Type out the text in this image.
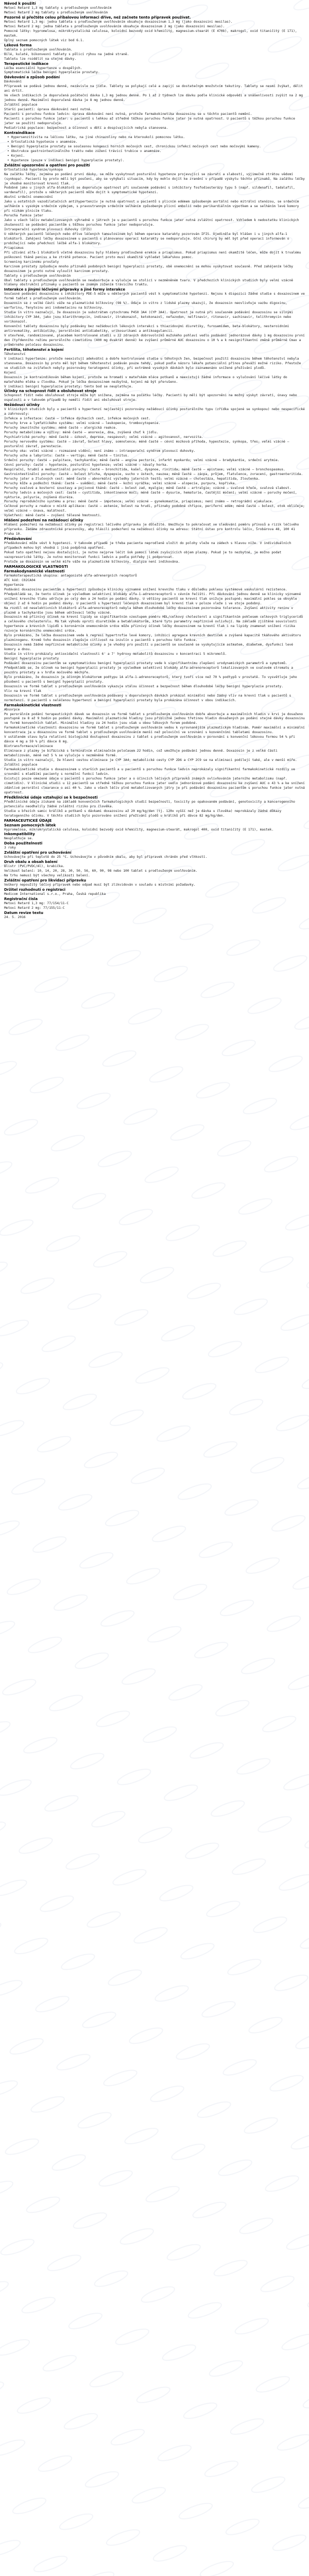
Návod k použití
Metoxi Retard 1,3 mg tablety s prodlouženým uvolňováním
Metoxi Retard 2 mg tablety s prodlouženým uvolňováním
Pozorně si přečtěte celou příbalovou informaci dříve, než začnete tento přípravek používat.
Metoxi Retard 1,3 mg: jedna tableta s prodlouženým uvolňováním obsahuje doxazosinum 1,3 mg (jako doxazosini mesilas).
Metoxi Retard 2 mg: jedna tableta s prodlouženým uvolňováním obsahuje doxazosinum 2 mg (jako doxazosini mesilas).
Pomocné látky: hypromelosa, mikrokrystalická celulosa, koloidní bezvodý oxid křemičitý, magnesium-stearát (E 470b), makrogol, oxid titaničitý (E 171), mastek.
Úplný seznam pomocných látek viz bod 6.1.
Léková forma
Tableta s prodlouženým uvolňováním.
Bílé, kulaté, bikonvexní tablety s půlicí rýhou na jedné straně.
Tabletu lze rozdělit na stejné dávky.
Terapeutické indikace
Léčba esenciální hypertenze u dospělých.
Symptomatická léčba benigní hyperplazie prostaty.
Dávkování a způsob podání
Dávkování
Přípravek se podává jednou denně, nezávisle na jídle. Tablety se polykají celé a zapijí se dostatečným množstvím tekutiny. Tablety se nesmí žvýkat, dělit ani drtit.
Ve všech indikacích je doporučená počáteční dávka 1,3 mg jednou denně. Po 1 až 2 týdnech lze dávku podle klinické odpovědi a snášenlivosti zvýšit na 2 mg jednou denně. Maximální doporučená dávka je 8 mg jednou denně.
Zvláštní populace
Starší pacienti: úprava dávkování není nutná.
Pacienti s poruchou funkce ledvin: úprava dávkování není nutná, protože farmakokinetika doxazosinu se u těchto pacientů nemění.
Pacienti s poruchou funkce jater: u pacientů s lehkou až středně těžkou poruchou funkce jater je nutná opatrnost. U pacientů s těžkou poruchou funkce jater se použití nedoporučuje.
Pediatrická populace: bezpečnost a účinnost u dětí a dospívajících nebyla stanovena.
Kontraindikace
• Hypersenzitivita na léčivou látku, na jiné chinazoliny nebo na kteroukoli pomocnou látku.
• Ortostatická hypotenze v anamnéze.
• Benigní hyperplazie prostaty se současnou kongescí horních močových cest, chronickou infekcí močových cest nebo močovými kameny.
• Obstrukce gastrointestinálního traktu nebo zúžení trávicí trubice v anamnéze.
• Kojení.
• Hypotenze (pouze v indikaci benigní hyperplazie prostaty).
Zvláštní upozornění a opatření pro použití
Ortostatická hypotenze/synkopa
Na začátku léčby, zejména po podání první dávky, se může vyskytnout posturální hypotenze projevující se závratí a slabostí, výjimečně ztrátou vědomí (synkopa). Pacienti by proto měli být poučeni, aby se vyhýbali situacím, kdy by mohlo dojít ke zranění v případě výskytu těchto příznaků. Na začátku léčby je vhodné monitorovat krevní tlak.
Podobně jako u jiných alfa-blokátorů se doporučuje opatrnost při současném podávání s inhibitory fosfodiesterázy typu 5 (např. sildenafil, tadalafil, vardenafil), protože u některých pacientů může dojít k symptomatické hypotenzi.
Akutní srdeční onemocnění
Jako u ostatních vazodilatačních antihypertenziv je nutná opatrnost u pacientů s plicním edémem způsobeným aortální nebo mitrální stenózou, se srdečním selháním s vysokým srdečním výdejem, s pravostranným srdečním selháním způsobeným plicní embolií nebo perikardiálním výpotkem a se selháním levé komory při nízkém plnicím tlaku.
Porucha funkce jater
Jako u všech léčiv metabolizovaných výhradně v játrech je u pacientů s poruchou funkce jater nutná zvláštní opatrnost. Vzhledem k nedostatku klinických zkušeností se podávání pacientům s těžkou poruchou funkce jater nedoporučuje.
Intraoperační syndrom plovoucí duhovky (IFIS)
U některých pacientů léčených nebo dříve léčených tamsulosinem byl během operace katarakty pozorován IFIS. Ojediněle byl hlášen i u jiných alfa-1 blokátorů. Zahájení léčby doxazosinem u pacientů s plánovanou operací katarakty se nedoporučuje. Oční chirurg by měl být před operací informován o probíhající nebo předchozí léčbě alfa-1 blokátory.
Priapismus
Při užívání alfa-1 blokátorů včetně doxazosinu byly hlášeny prodloužené erekce a priapismus. Pokud priapismus není okamžitě léčen, může dojít k trvalému poškození tkáně penisu a ke ztrátě potence. Pacient proto musí okamžitě vyhledat lékařskou pomoc.
Screening karcinomu prostaty
Karcinom prostaty způsobuje mnoho příznaků podobných benigní hyperplazii prostaty, obě onemocnění se mohou vyskytovat současně. Před zahájením léčby doxazosinem je proto nutné vyloučit karcinom prostaty.
Tablety s prodlouženým uvolňováním
Obal tablety s prodlouženým uvolňováním se neabsorbuje a vylučuje se stolicí v nezměněném tvaru. V předchozích klinických studiích byly velmi vzácně hlášeny obstrukční příznaky u pacientů se známým zúžením trávicího traktu.
Interakce s jinými léčivými přípravky a jiné formy interakce
Současné podávání doxazosinu s inhibitory PDE-5 může u některých pacientů vést k symptomatické hypotenzi. Nejsou k dispozici žádné studie s doxazosinem ve formě tablet s prodlouženým uvolňováním.
Doxazosin se z velké části váže na plazmatické bílkoviny (98 %). Údaje in vitro z lidské plazmy ukazují, že doxazosin neovlivňuje vazbu digoxinu, warfarinu, fenytoinu ani indometacinu na bílkoviny.
Studie in vitro naznačují, že doxazosin je substrátem cytochromu P450 3A4 (CYP 3A4). Opatrnost je nutná při současném podávání doxazosinu se silnými inhibitory CYP 3A4, jako jsou klarithromycin, indinavir, itrakonazol, ketokonazol, nefazodon, nelfinavir, ritonavir, sachinavir, telithromycin nebo vorikonazol.
Konvenční tablety doxazosinu byly podávány bez nežádoucích lékových interakcí s thiazidovými diuretiky, furosemidem, beta-blokátory, nesteroidními antirevmatiky, antibiotiky, perorálními antidiabetiky, urikosurikami a antikoagulancii.
V otevřené, randomizované, placebem kontrolované studii u 22 zdravých dobrovolníků mužského pohlaví vedlo podávání jednorázové dávky 1 mg doxazosinu první den čtyřdenního režimu perorálního cimetidinu (400 mg dvakrát denně) ke zvýšení průměrné AUC doxazosinu o 10 % a k nesignifikantní změně průměrné Cmax a průměrného poločasu doxazosinu.
Fertilita, těhotenství a kojení
Těhotenství
V indikaci hypertenze: protože neexistují adekvátní a dobře kontrolované studie u těhotných žen, bezpečnost použití doxazosinu během těhotenství nebyla stanovena. Doxazosin by proto měl být během těhotenství podáván pouze tehdy, pokud podle názoru lékaře potenciální přínos převáží možné riziko. Přestože ve studiích na zvířatech nebyly pozorovány teratogenní účinky, při extrémně vysokých dávkách bylo zaznamenáno snížené přežívání plodů.
Kojení
Doxazosin je kontraindikován během kojení, protože se hromadí v mateřském mléce potkanů a neexistují žádné informace o vylučování léčivé látky do mateřského mléka u člověka. Pokud je léčba doxazosinem nezbytná, kojení má být přerušeno.
V indikaci benigní hyperplazie prostaty: tento bod se neuplatňuje.
Účinky na schopnost řídit a obsluhovat stroje
Schopnost řídit nebo obsluhovat stroje může být snížena, zejména na počátku léčby. Pacienti by měli být upozorněni na možný výskyt závratí, únavy nebo ospalosti a v takovém případě by neměli řídit ani obsluhovat stroje.
Nežádoucí účinky
V klinických studiích byly u pacientů s hypertenzí nejčastěji pozorovány nežádoucí účinky posturálního typu (zřídka spojené se synkopou) nebo nespecifické a zahrnovaly:
Infekce a infestace: časté – infekce dýchacích cest, infekce močových cest.
Poruchy krve a lymfatického systému: velmi vzácné – leukopenie, trombocytopenie.
Poruchy imunitního systému: méně časté – alergická reakce.
Poruchy metabolismu a výživy: méně časté – anorexie, dna, zvýšená chuť k jídlu.
Psychiatrické poruchy: méně časté – úzkost, deprese, nespavost; velmi vzácné – agitovanost, nervozita.
Poruchy nervového systému: časté – závrať, bolest hlavy, somnolence; méně časté – cévní mozková příhoda, hypestezie, synkopa, třes; velmi vzácné – posturální závrať, parestezie.
Poruchy oka: velmi vzácné – rozmazané vidění; není známo – intraoperační syndrom plovoucí duhovky.
Poruchy ucha a labyrintu: časté – vertigo; méně časté – tinitus.
Srdeční poruchy: časté – palpitace, tachykardie; méně časté – angina pectoris, infarkt myokardu; velmi vzácné – bradykardie, srdeční arytmie.
Cévní poruchy: časté – hypotenze, posturální hypotenze; velmi vzácné – návaly horka.
Respirační, hrudní a mediastinální poruchy: časté – bronchitida, kašel, dyspnoe, rinitida; méně časté – epistaxe; velmi vzácné – bronchospasmus.
Gastrointestinální poruchy: časté – bolest břicha, dyspepsie, sucho v ústech, nauzea; méně časté – zácpa, průjem, flatulence, zvracení, gastroenteritida.
Poruchy jater a žlučových cest: méně časté – abnormální výsledky jaterních testů; velmi vzácné – cholestáza, hepatitida, žloutenka.
Poruchy kůže a podkožní tkáně: časté – svědění; méně časté – kožní vyrážka; velmi vzácné – alopecie, purpura, kopřivka.
Poruchy svalové a kosterní soustavy a pojivové tkáně: časté – bolest zad, myalgie; méně časté – artralgie; vzácné – svalové křeče, svalová slabost.
Poruchy ledvin a močových cest: časté – cystitida, inkontinence moči; méně časté – dysurie, hematurie, častější močení; velmi vzácné – poruchy močení, nykturie, polyurie, zvýšená diuréza.
Poruchy reprodukčního systému a prsu: méně časté – impotence; velmi vzácné – gynekomastie, priapismus; není známo – retrográdní ejakulace.
Celkové poruchy a reakce v místě aplikace: časté – astenie, bolest na hrudi, příznaky podobné chřipce, periferní edém; méně časté – bolest, otok obličeje; velmi vzácné – únava, malátnost.
Vyšetření: méně časté – zvýšení tělesné hmotnosti.
Hlášení podezření na nežádoucí účinky
Hlášení podezření na nežádoucí účinky po registraci léčivého přípravku je důležité. Umožňuje to pokračovat ve sledování poměru přínosů a rizik léčivého přípravku. Žádáme zdravotnické pracovníky, aby hlásili podezření na nežádoucí účinky na adresu: Státní ústav pro kontrolu léčiv, Šrobárova 48, 100 41 Praha 10.
Předávkování
Předávkování může vést k hypotenzi. V takovém případě je třeba pacienta neprodleně uložit do polohy vleže na zádech s hlavou níže. V individuálních případech mohou být vhodná i jiná podpůrná opatření.
Pokud tato opatření nejsou dostačující, je nutno nejprve léčit šok pomocí látek zvyšujících objem plazmy. Pokud je to nezbytné, je možno podat vazopresorické látky. Je nutno monitorovat funkci ledvin a podle potřeby ji podporovat.
Protože se doxazosin ve velké míře váže na plazmatické bílkoviny, dialýza není indikována.
FARMAKOLOGICKÉ VLASTNOSTI
Farmakodynamické vlastnosti
Farmakoterapeutická skupina: antagonisté alfa-adrenergních receptorů
ATC kód: C02CA04
Hypertenze
Podávání doxazosinu pacientům s hypertenzí způsobuje klinicky významné snížení krevního tlaku v důsledku poklesu systémové vaskulární rezistence. Předpokládá se, že tento účinek je výsledkem selektivní blokády alfa-1-adrenoreceptorů v cévním řečišti. Při dávkování jednou denně se klinicky významné snížení krevního tlaku udržuje po celý den a 24 hodin po podání dávky. U většiny pacientů se krevní tlak snižuje postupně; maximální pokles se obvykle objeví 2 až 6 hodin po podání dávky. U pacientů s hypertenzí léčených doxazosinem byl krevní tlak v poloze vleže i ve stoje podobný.
Na rozdíl od neselektivních blokátorů alfa-adrenoreceptorů nebyla během dlouhodobé léčby doxazosinem pozorována tolerance. Zvýšení aktivity reninu v plazmě a tachykardie jsou během udržovací léčby vzácné.
Doxazosin má příznivý účinek na krevní lipidy se signifikantním vzestupem poměru HDL/celkový cholesterol a signifikantním poklesem celkových triglyceridů a celkového cholesterolu. Má tak výhodu oproti diuretikům a betablokátorům, které tyto parametry nepříznivě ovlivňují. Na základě zjištěné souvislosti hypertenze a krevních lipidů s koronárním onemocněním srdce může příznivý účinek léčby doxazosinem na krevní tlak i na lipidy znamenat snížení rizika rozvoje koronárního onemocnění srdce.
Bylo prokázáno, že léčba doxazosinem vede k regresi hypertrofie levé komory, inhibici agregace krevních destiček a zvýšené kapacitě tkáňového aktivátoru plazminogenu. Kromě toho doxazosin zlepšuje citlivost na inzulín u pacientů s poruchou této funkce.
Doxazosin nemá žádné nepříznivé metabolické účinky a je vhodný pro použití u pacientů se současně se vyskytujícím astmatem, diabetem, dysfunkcí levé komory a dnou.
Studie in vitro prokázaly antioxidační vlastnosti 6' a 7' hydroxy metabolitů doxazosinu v koncentraci 5 mikromolů.
Benigní hyperplazie prostaty
Podávání doxazosinu pacientům se symptomatickou benigní hyperplazií prostaty vede k signifikantnímu zlepšení urodynamických parametrů a symptomů. Předpokládá se, že účinek na benigní hyperplazii prostaty je výsledkem selektivní blokády alfa-adrenoreceptorů lokalizovaných ve svalovém stromatu a pouzdru prostaty a v hrdle močového měchýře.
Bylo prokázáno, že doxazosin je účinným blokátorem podtypu 1A alfa-1-adrenoreceptorů, který tvoří více než 70 % podtypů v prostatě. To vysvětluje jeho působení u pacientů s benigní hyperplazií prostaty.
Doxazosin ve formě tablet s prodlouženým uvolňováním vykazuje stálou účinnost a bezpečnost během dlouhodobé léčby benigní hyperplazie prostaty.
Vliv na krevní tlak
Doxazosin ve formě tablet s prodlouženým uvolňováním podávaný v doporučených dávkách prokázal minimální nebo žádný vliv na krevní tlak u pacientů s normotenzí. U pacientů s neléčenou hypertenzí a benigní hyperplazií prostaty byla prokázána účinnost v obou indikacích.
Farmakokinetické vlastnosti
Absorpce
Po perorálním podání terapeutických dávek se doxazosin ve formě tablet s prodlouženým uvolňováním dobře absorbuje a maximálních hladin v krvi je dosaženo postupně za 8 až 9 hodin po podání dávky. Maximální plazmatické hladiny jsou přibližně jednou třetinou hladin dosažených po podání stejné dávky doxazosinu ve formě konvenčních tablet. Minimální hladiny za 24 hodin jsou však u obou lékových forem podobné.
Farmakokinetické vlastnosti doxazosinu ve formě tablet s prodlouženým uvolňováním vedou k vyrovnanějším plazmatickým hladinám. Poměr maximální a minimální koncentrace je u doxazosinu ve formě tablet s prodlouženým uvolňováním menší než poloviční ve srovnání s konvenčními tabletami doxazosinu.
V ustáleném stavu byla relativní biologická dostupnost doxazosinu z tablet s prodlouženým uvolňováním v porovnání s konvenční lékovou formou 54 % při dávce 4 mg a 59 % při dávce 8 mg.
Biotransformace/eliminace
Eliminace z plazmy je bifázická s terminálním eliminačním poločasem 22 hodin, což umožňuje podávání jednou denně. Doxazosin je z velké části metabolizován, méně než 5 % se vylučuje v nezměněné formě.
Studie in vitro naznačují, že hlavní cestou eliminace je CYP 3A4; metabolické cesty CYP 2D6 a CYP 2C9 se na eliminaci podílejí také, ale v menší míře.
Zvláštní populace
Farmakokinetické studie s doxazosinem u starších pacientů a u pacientů s poruchou funkce ledvin neprokázaly signifikantní farmakokinetické rozdíly ve srovnání s mladšími pacienty s normální funkcí ledvin.
Existují pouze omezené údaje u pacientů s poruchou funkce jater a o účincích léčivých přípravků známých ovlivňováním jaterního metabolismu (např. cimetidin). V klinické studii u 12 pacientů se středně těžkou poruchou funkce jater vedlo jednorázové podání doxazosinu ke zvýšení AUC o 43 % a ke snížení zdánlivé perorální clearance o asi 40 %. Jako u všech léčiv plně metabolizovaných játry je při podávání doxazosinu pacientům s poruchou funkce jater nutná opatrnost.
Předklinické údaje vztahující se k bezpečnosti
Předklinické údaje získané na základě konvenčních farmakologických studií bezpečnosti, toxicity po opakovaném podávání, genotoxicity a kancerogenního potenciálu neodhalily žádné zvláštní riziko pro člověka.
Studie u březích samic králíků a potkanů s dávkami doxazosinu až 20 mg/kg/den (tj. 120x vyšší než je dávka u člověka) neprokázaly žádné důkazy teratogenního účinku. V těchto studiích bylo pozorováno snížení přežívání plodů u králíků při dávce 82 mg/kg/den.
FARMACEUTICKÉ ÚDAJE
Seznam pomocných látek
Hypromelosa, mikrokrystalická celulosa, koloidní bezvodý oxid křemičitý, magnesium-stearát, makrogol 400, oxid titaničitý (E 171), mastek.
Inkompatibility
Neuplatňuje se.
Doba použitelnosti
3 roky
Zvláštní opatření pro uchovávání
Uchovávejte při teplotě do 25 °C. Uchovávejte v původním obalu, aby byl přípravek chráněn před vlhkostí.
Druh obalu a obsah balení
Blistr (PVC/PVDC/Al), krabička.
Velikost balení: 10, 14, 20, 28, 30, 50, 56, 60, 90, 98 nebo 100 tablet s prodlouženým uvolňováním.
Na trhu nemusí být všechny velikosti balení.
Zvláštní opatření pro likvidaci přípravku
Veškerý nepoužitý léčivý přípravek nebo odpad musí být zlikvidován v souladu s místními požadavky.
Držitel rozhodnutí o registraci
Medicom International s.r.o., Praha, Česká republika
Registrační čísla
Metoxi Retard 1,3 mg: 77/154/11-C
Metoxi Retard 2 mg: 77/155/11-C
Datum revize textu
24. 5. 2016
